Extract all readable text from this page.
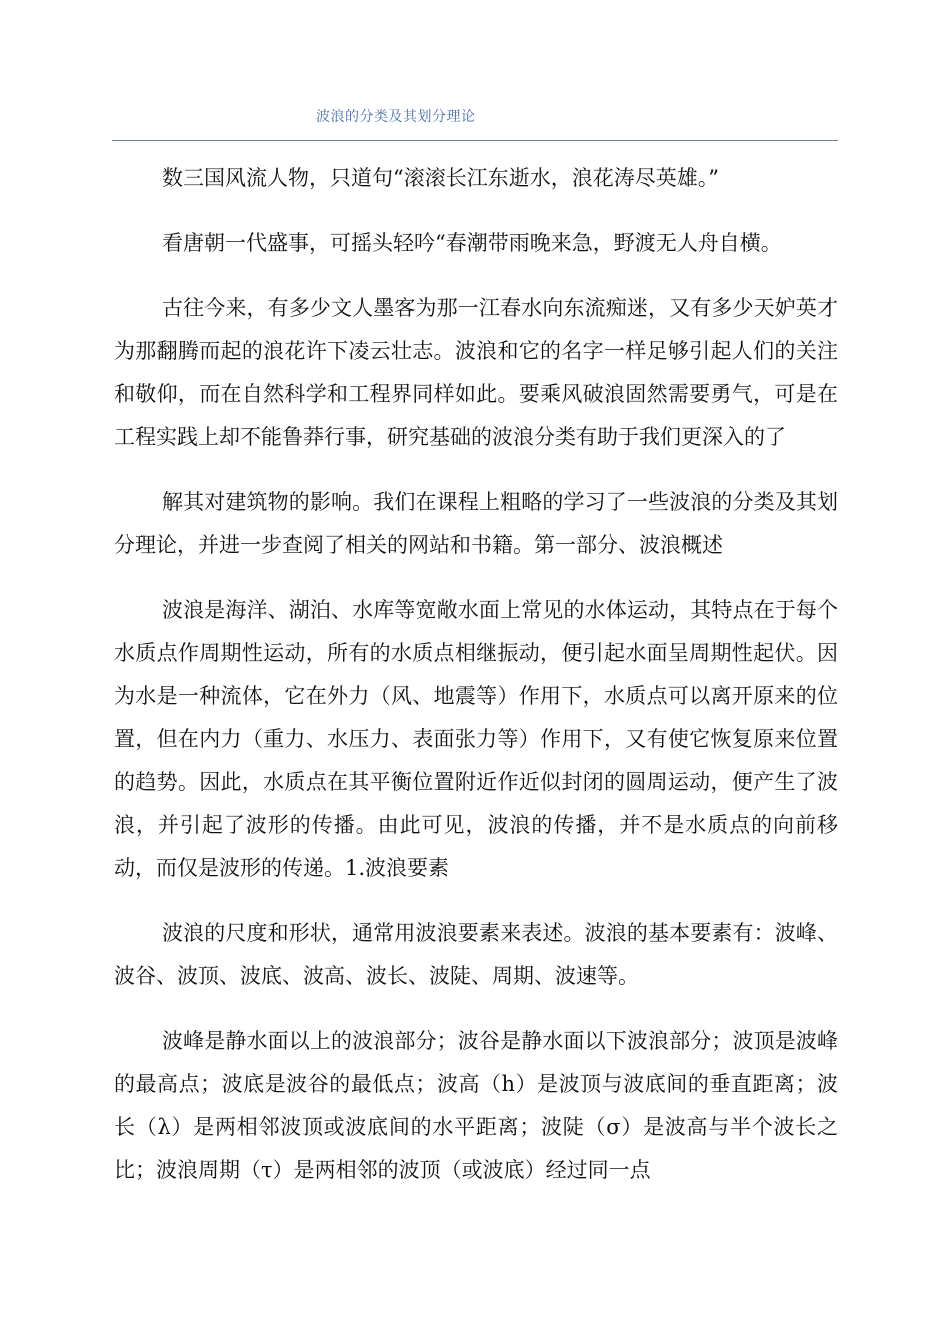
波浪的分类及其划分理论

数三国风流人物，只道句“滚滚长江东逝水，浪花涛尽英雄。”

看唐朝一代盛事，可摇头轻吟“春潮带雨晚来急，野渡无人舟自横。

古往今来，有多少文人墨客为那一江春水向东流痴迷，又有多少天妒英才为那翻腾而起的浪花许下凌云壮志。波浪和它的名字一样足够引起人们的关注和敬仰，而在自然科学和工程界同样如此。要乘风破浪固然需要勇气，可是在工程实践上却不能鲁莽行事，研究基础的波浪分类有助于我们更深入的了

解其对建筑物的影响。我们在课程上粗略的学习了一些波浪的分类及其划分理论，并进一步查阅了相关的网站和书籍。第一部分、波浪概述

波浪是海洋、湖泊、水库等宽敞水面上常见的水体运动，其特点在于每个水质点作周期性运动，所有的水质点相继振动，便引起水面呈周期性起伏。因为水是一种流体，它在外力（风、地震等）作用下，水质点可以离开原来的位置，但在内力（重力、水压力、表面张力等）作用下，又有使它恢复原来位置的趋势。因此，水质点在其平衡位置附近作近似封闭的圆周运动，便产生了波浪，并引起了波形的传播。由此可见，波浪的传播，并不是水质点的向前移动，而仅是波形的传递。1.波浪要素

波浪的尺度和形状，通常用波浪要素来表述。波浪的基本要素有：波峰、波谷、波顶、波底、波高、波长、波陡、周期、波速等。

波峰是静水面以上的波浪部分；波谷是静水面以下波浪部分；波顶是波峰的最高点；波底是波谷的最低点；波高（h）是波顶与波底间的垂直距离；波长（λ）是两相邻波顶或波底间的水平距离；波陡（σ）是波高与半个波长之比；波浪周期（τ）是两相邻的波顶（或波底）经过同一点
